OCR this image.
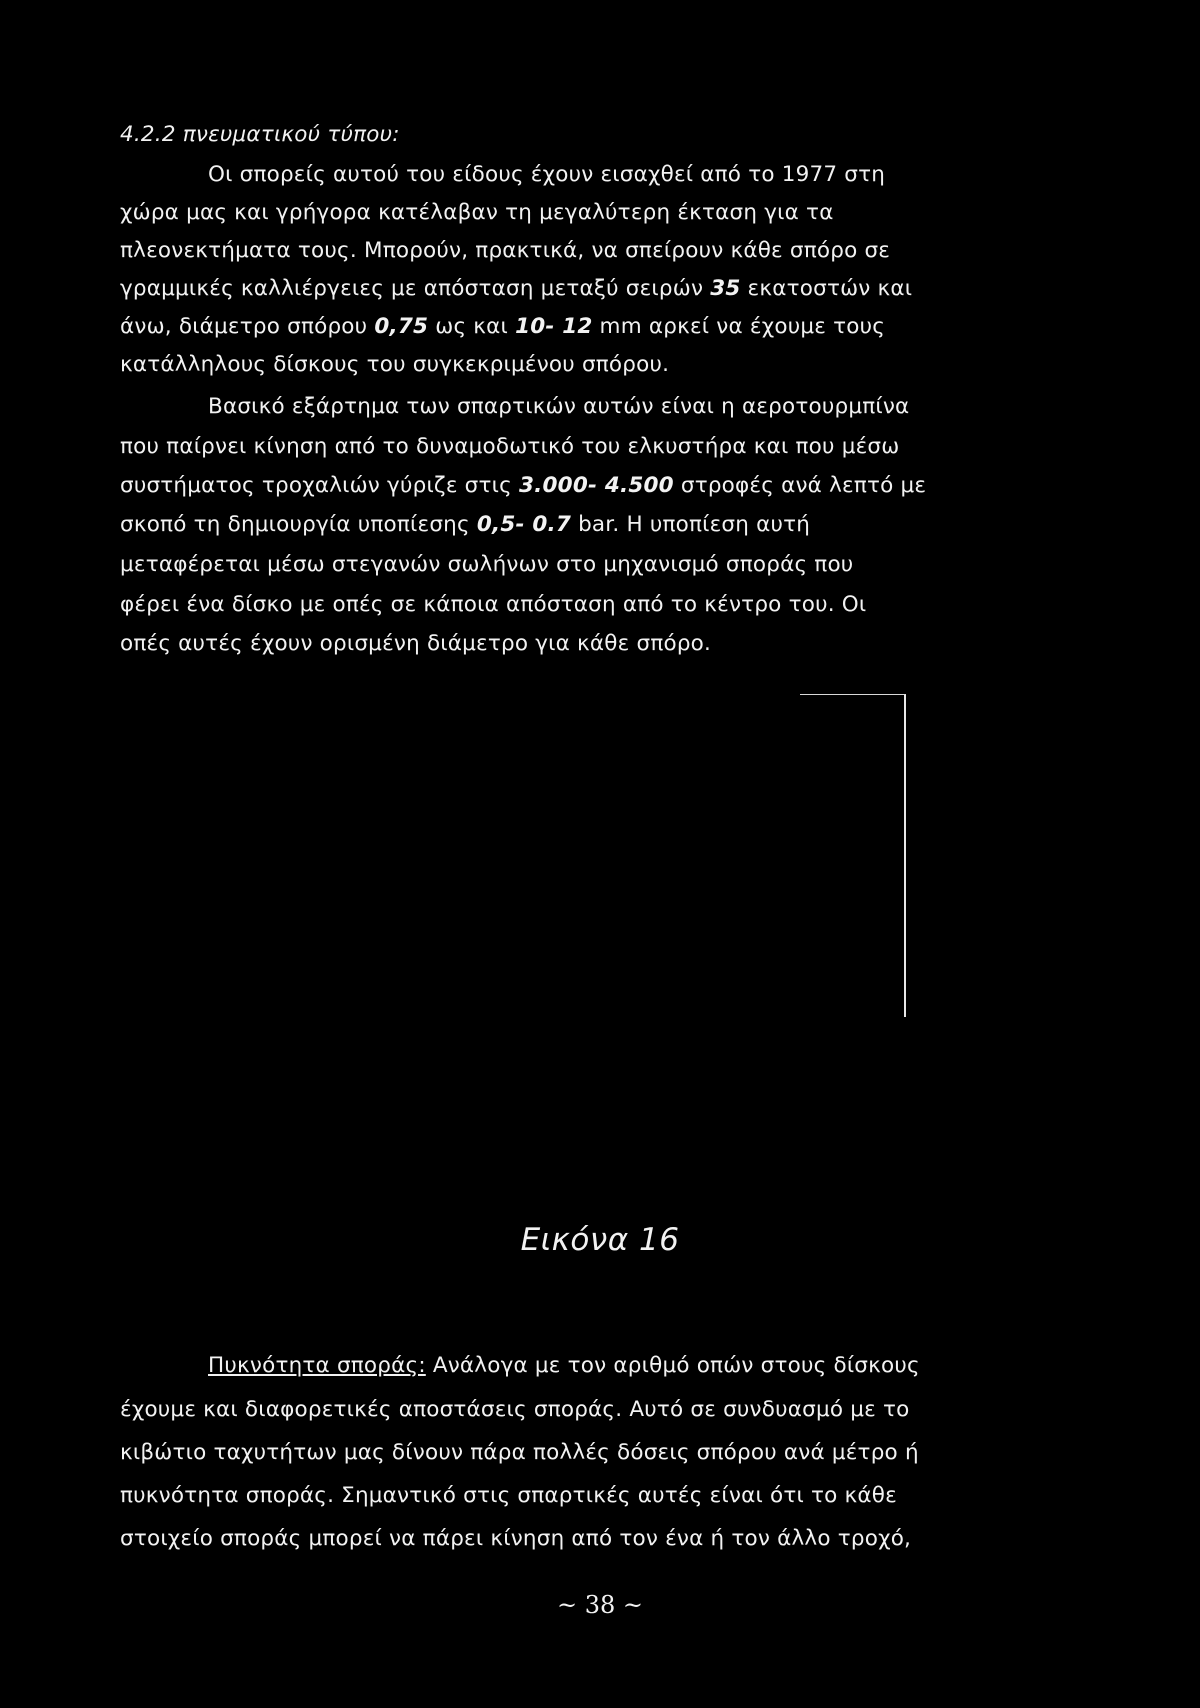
4.2.2 πνευματικού τύπου:
Οι σπορείς αυτού του είδους έχουν εισαχθεί από το 1977 στη
χώρα μας και γρήγορα κατέλαβαν τη μεγαλύτερη έκταση για τα
πλεονεκτήματα τους. Μπορούν, πρακτικά, να σπείρουν κάθε σπόρο σε
γραμμικές καλλιέργειες με απόσταση μεταξύ σειρών 35 εκατοστών και
άνω, διάμετρο σπόρου 0,75 ως και 10- 12 mm αρκεί να έχουμε τους
κατάλληλους δίσκους του συγκεκριμένου σπόρου.
Βασικό εξάρτημα των σπαρτικών αυτών είναι η αεροτουρμπίνα
που παίρνει κίνηση από το δυναμοδωτικό του ελκυστήρα και που μέσω
συστήματος τροχαλιών γύριζε στις 3.000- 4.500 στροφές ανά λεπτό με
σκοπό τη δημιουργία υποπίεσης 0,5- 0.7 bar. Η υποπίεση αυτή
μεταφέρεται μέσω στεγανών σωλήνων στο μηχανισμό σποράς που
φέρει ένα δίσκο με οπές σε κάποια απόσταση από το κέντρο του. Οι
οπές αυτές έχουν ορισμένη διάμετρο για κάθε σπόρο.
Εικόνα 16
Πυκνότητα σποράς: Ανάλογα με τον αριθμό οπών στους δίσκους
έχουμε και διαφορετικές αποστάσεις σποράς. Αυτό σε συνδυασμό με το
κιβώτιο ταχυτήτων μας δίνουν πάρα πολλές δόσεις σπόρου ανά μέτρο ή
πυκνότητα σποράς. Σημαντικό στις σπαρτικές αυτές είναι ότι το κάθε
στοιχείο σποράς μπορεί να πάρει κίνηση από τον ένα ή τον άλλο τροχό,
~ 38 ~
